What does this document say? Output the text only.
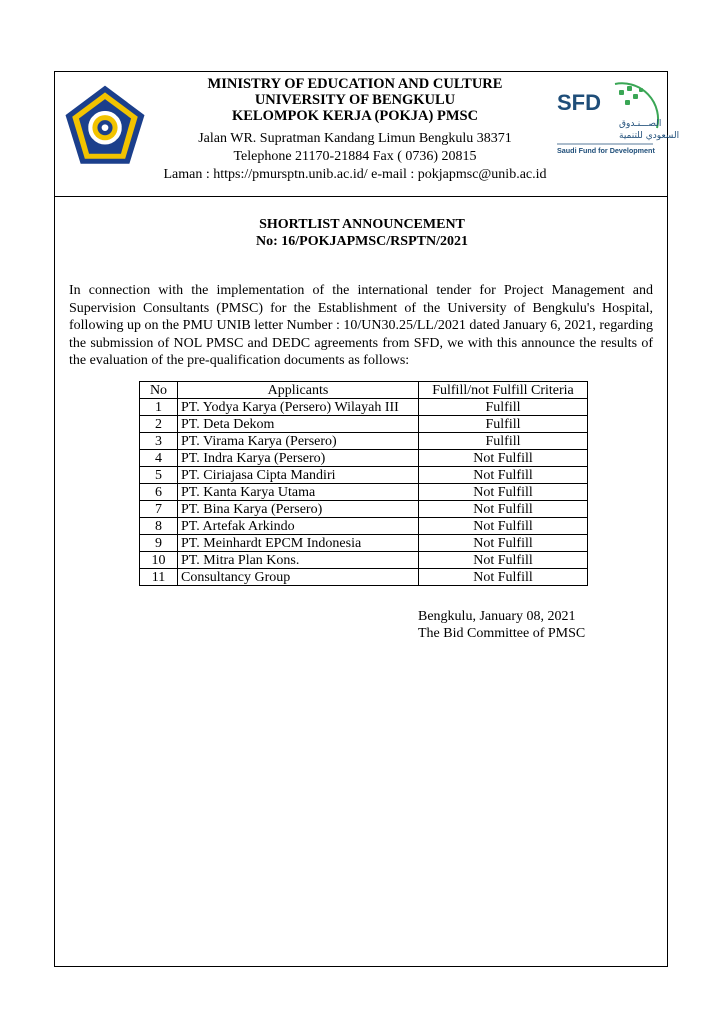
MINISTRY OF EDUCATION AND CULTURE
UNIVERSITY OF BENGKULU
KELOMPOK KERJA (POKJA) PMSC
Jalan WR. Supratman Kandang Limun Bengkulu 38371
Telephone 21170-21884 Fax ( 0736) 20815
Laman : https://pmursptn.unib.ac.id/ e-mail : pokjapmsc@unib.ac.id
SFD
الصـــنـدوق
السعودي للتنمية
Saudi Fund for Development
SHORTLIST ANNOUNCEMENT
No: 16/POKJAPMSC/RSPTN/2021
In connection with the implementation of the international tender for Project Management and Supervision Consultants (PMSC) for the Establishment of the University of Bengkulu's Hospital, following up on the PMU UNIB letter Number : 10/UN30.25/LL/2021 dated January 6, 2021, regarding the submission of NOL PMSC and DEDC agreements from SFD, we with this announce the results of the evaluation of the pre-qualification documents as follows:
No	Applicants	Fulfill/not Fulfill Criteria
1	PT. Yodya Karya (Persero) Wilayah III	Fulfill
2	PT. Deta Dekom	Fulfill
3	PT. Virama Karya (Persero)	Fulfill
4	PT. Indra Karya (Persero)	Not Fulfill
5	PT. Ciriajasa Cipta Mandiri	Not Fulfill
6	PT. Kanta Karya Utama	Not Fulfill
7	PT. Bina Karya (Persero)	Not Fulfill
8	PT. Artefak Arkindo	Not Fulfill
9	PT. Meinhardt EPCM Indonesia	Not Fulfill
10	PT. Mitra Plan Kons.	Not Fulfill
11	Consultancy Group	Not Fulfill
Bengkulu, January 08, 2021
The Bid Committee of PMSC
